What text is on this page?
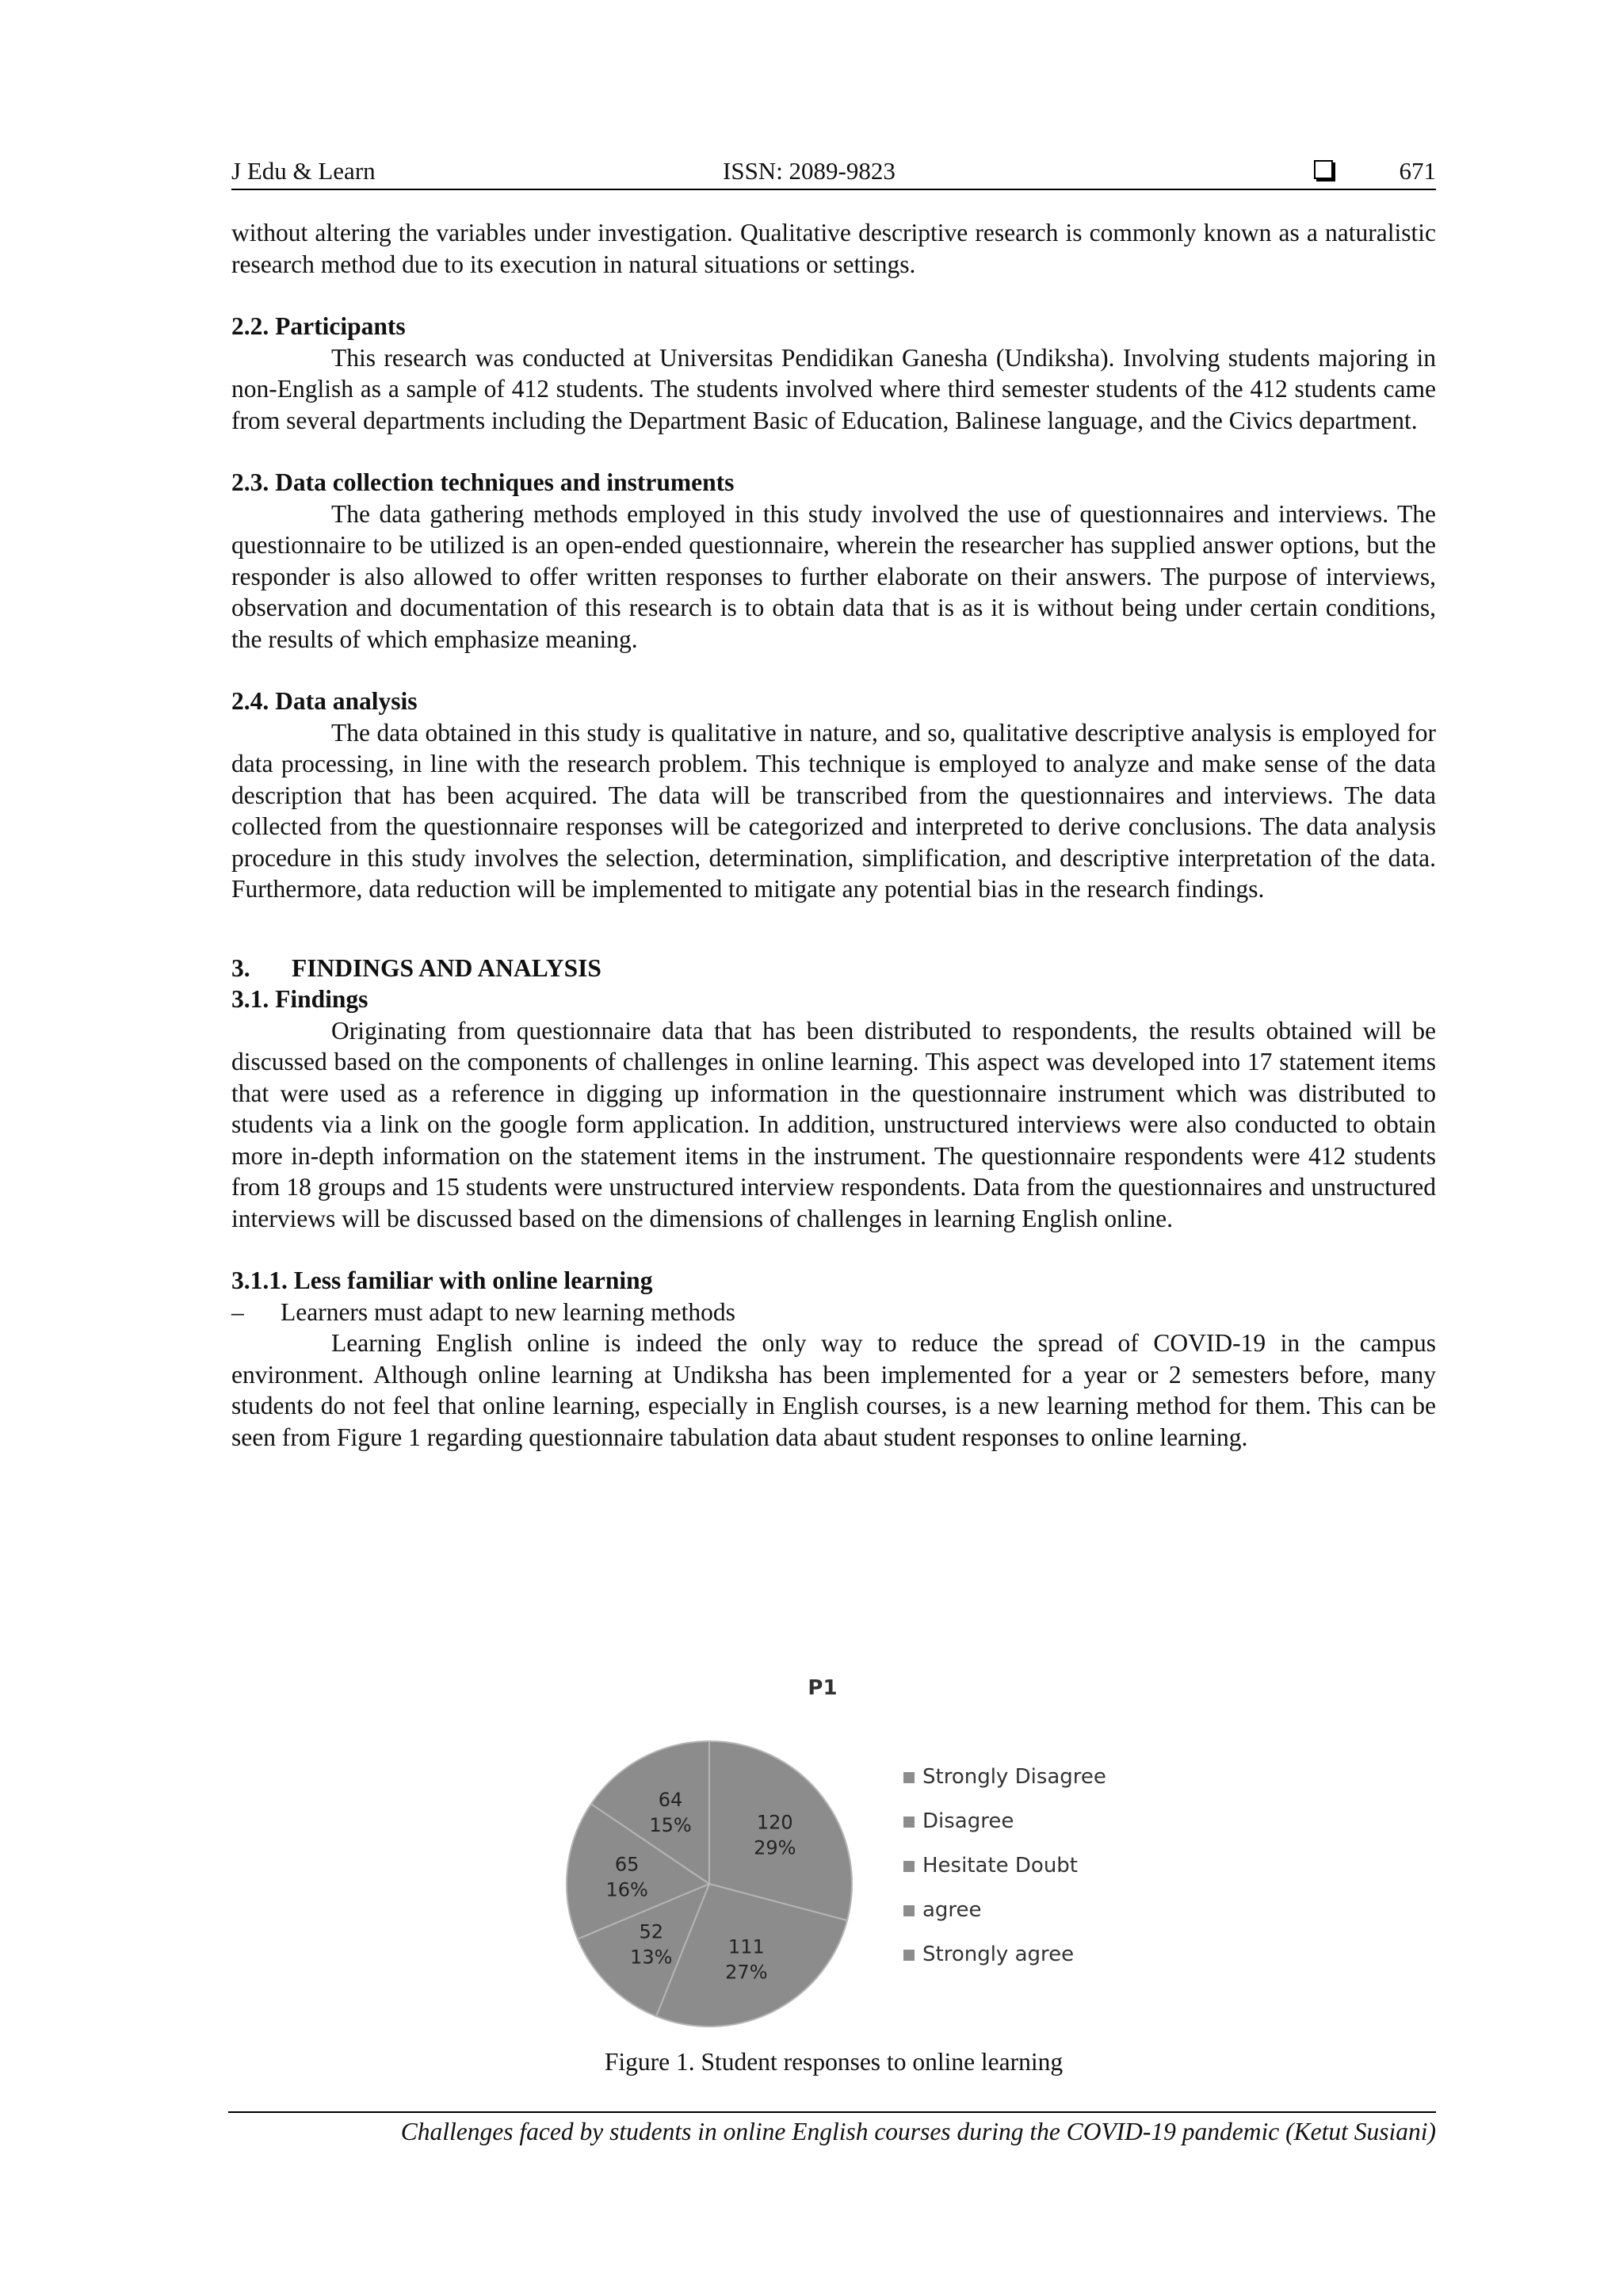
J Edu & Learn	ISSN: 2089-9823	671

without altering the variables under investigation. Qualitative descriptive research is commonly known as a naturalistic research method due to its execution in natural situations or settings.

2.2. Participants

This research was conducted at Universitas Pendidikan Ganesha (Undiksha). Involving students majoring in non-English as a sample of 412 students. The students involved where third semester students of the 412 students came from several departments including the Department Basic of Education, Balinese language, and the Civics department.

2.3. Data collection techniques and instruments

The data gathering methods employed in this study involved the use of questionnaires and interviews. The questionnaire to be utilized is an open-ended questionnaire, wherein the researcher has supplied answer options, but the responder is also allowed to offer written responses to further elaborate on their answers. The purpose of interviews, observation and documentation of this research is to obtain data that is as it is without being under certain conditions, the results of which emphasize meaning.

2.4. Data analysis

The data obtained in this study is qualitative in nature, and so, qualitative descriptive analysis is employed for data processing, in line with the research problem. This technique is employed to analyze and make sense of the data description that has been acquired. The data will be transcribed from the questionnaires and interviews. The data collected from the questionnaire responses will be categorized and interpreted to derive conclusions. The data analysis procedure in this study involves the selection, determination, simplification, and descriptive interpretation of the data. Furthermore, data reduction will be implemented to mitigate any potential bias in the research findings.

3. FINDINGS AND ANALYSIS

3.1. Findings

Originating from questionnaire data that has been distributed to respondents, the results obtained will be discussed based on the components of challenges in online learning. This aspect was developed into 17 statement items that were used as a reference in digging up information in the questionnaire instrument which was distributed to students via a link on the google form application. In addition, unstructured interviews were also conducted to obtain more in-depth information on the statement items in the instrument. The questionnaire respondents were 412 students from 18 groups and 15 students were unstructured interview respondents. Data from the questionnaires and unstructured interviews will be discussed based on the dimensions of challenges in learning English online.

3.1.1. Less familiar with online learning

– Learners must adapt to new learning methods

Learning English online is indeed the only way to reduce the spread of COVID-19 in the campus environment. Although online learning at Undiksha has been implemented for a year or 2 semesters before, many students do not feel that online learning, especially in English courses, is a new learning method for them. This can be seen from Figure 1 regarding questionnaire tabulation data abaut student responses to online learning.

P1
120
29%
111
27%
52
13%
65
16%
64
15%
Strongly Disagree
Disagree
Hesitate Doubt
agree
Strongly agree
Figure 1. Student responses to online learning
Challenges faced by students in online English courses during the COVID-19 pandemic (Ketut Susiani)
